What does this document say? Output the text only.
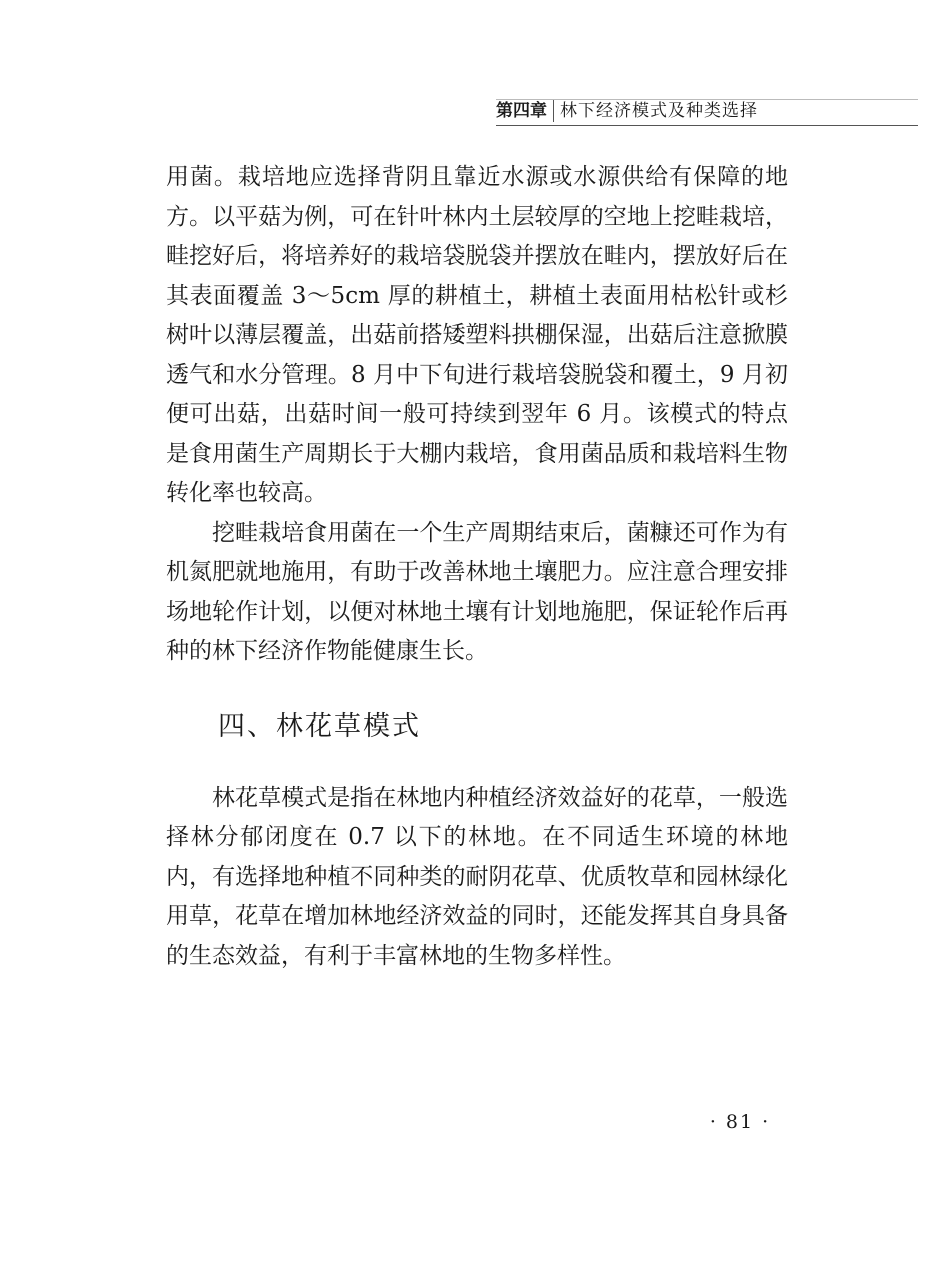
第四章 林下经济模式及种类选择

用菌。栽培地应选择背阴且靠近水源或水源供给有保障的地方。以平菇为例，可在针叶林内土层较厚的空地上挖畦栽培，畦挖好后，将培养好的栽培袋脱袋并摆放在畦内，摆放好后在其表面覆盖 3～5cm 厚的耕植土，耕植土表面用枯松针或杉树叶以薄层覆盖，出菇前搭矮塑料拱棚保湿，出菇后注意掀膜透气和水分管理。8 月中下旬进行栽培袋脱袋和覆土，9 月初便可出菇，出菇时间一般可持续到翌年 6 月。该模式的特点是食用菌生产周期长于大棚内栽培，食用菌品质和栽培料生物转化率也较高。

挖畦栽培食用菌在一个生产周期结束后，菌糠还可作为有机氮肥就地施用，有助于改善林地土壤肥力。应注意合理安排场地轮作计划，以便对林地土壤有计划地施肥，保证轮作后再种的林下经济作物能健康生长。

四、林花草模式

林花草模式是指在林地内种植经济效益好的花草，一般选择林分郁闭度在 0.7 以下的林地。在不同适生环境的林地内，有选择地种植不同种类的耐阴花草、优质牧草和园林绿化用草，花草在增加林地经济效益的同时，还能发挥其自身具备的生态效益，有利于丰富林地的生物多样性。

· 81 ·
